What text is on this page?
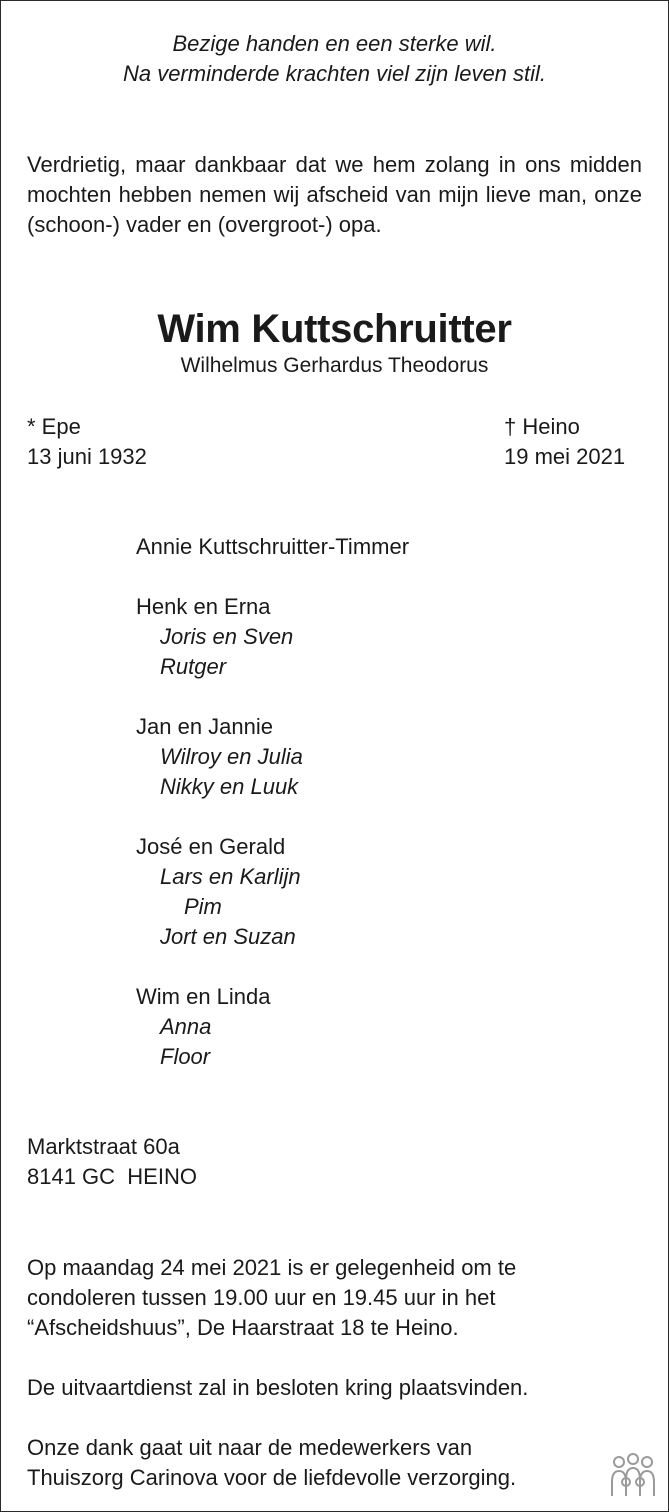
Bezige handen en een sterke wil.
Na verminderde krachten viel zijn leven stil.
Verdrietig, maar dankbaar dat we hem zolang in ons midden mochten hebben nemen wij afscheid van mijn lieve man, onze (schoon-) vader en (overgroot-) opa.
Wim Kuttschruitter
Wilhelmus Gerhardus Theodorus
* Epe
13 juni 1932
† Heino
19 mei 2021
Annie Kuttschruitter-Timmer
Henk en Erna
Joris en Sven
Rutger
Jan en Jannie
Wilroy en Julia
Nikky en Luuk
José en Gerald
Lars en Karlijn
Pim
Jort en Suzan
Wim en Linda
Anna
Floor
Marktstraat 60a
8141 GC  HEINO
Op maandag 24 mei 2021 is er gelegenheid om te
condoleren tussen 19.00 uur en 19.45 uur in het
“Afscheidshuus”, De Haarstraat 18 te Heino.
De uitvaartdienst zal in besloten kring plaatsvinden.
Onze dank gaat uit naar de medewerkers van
Thuiszorg Carinova voor de liefdevolle verzorging.
